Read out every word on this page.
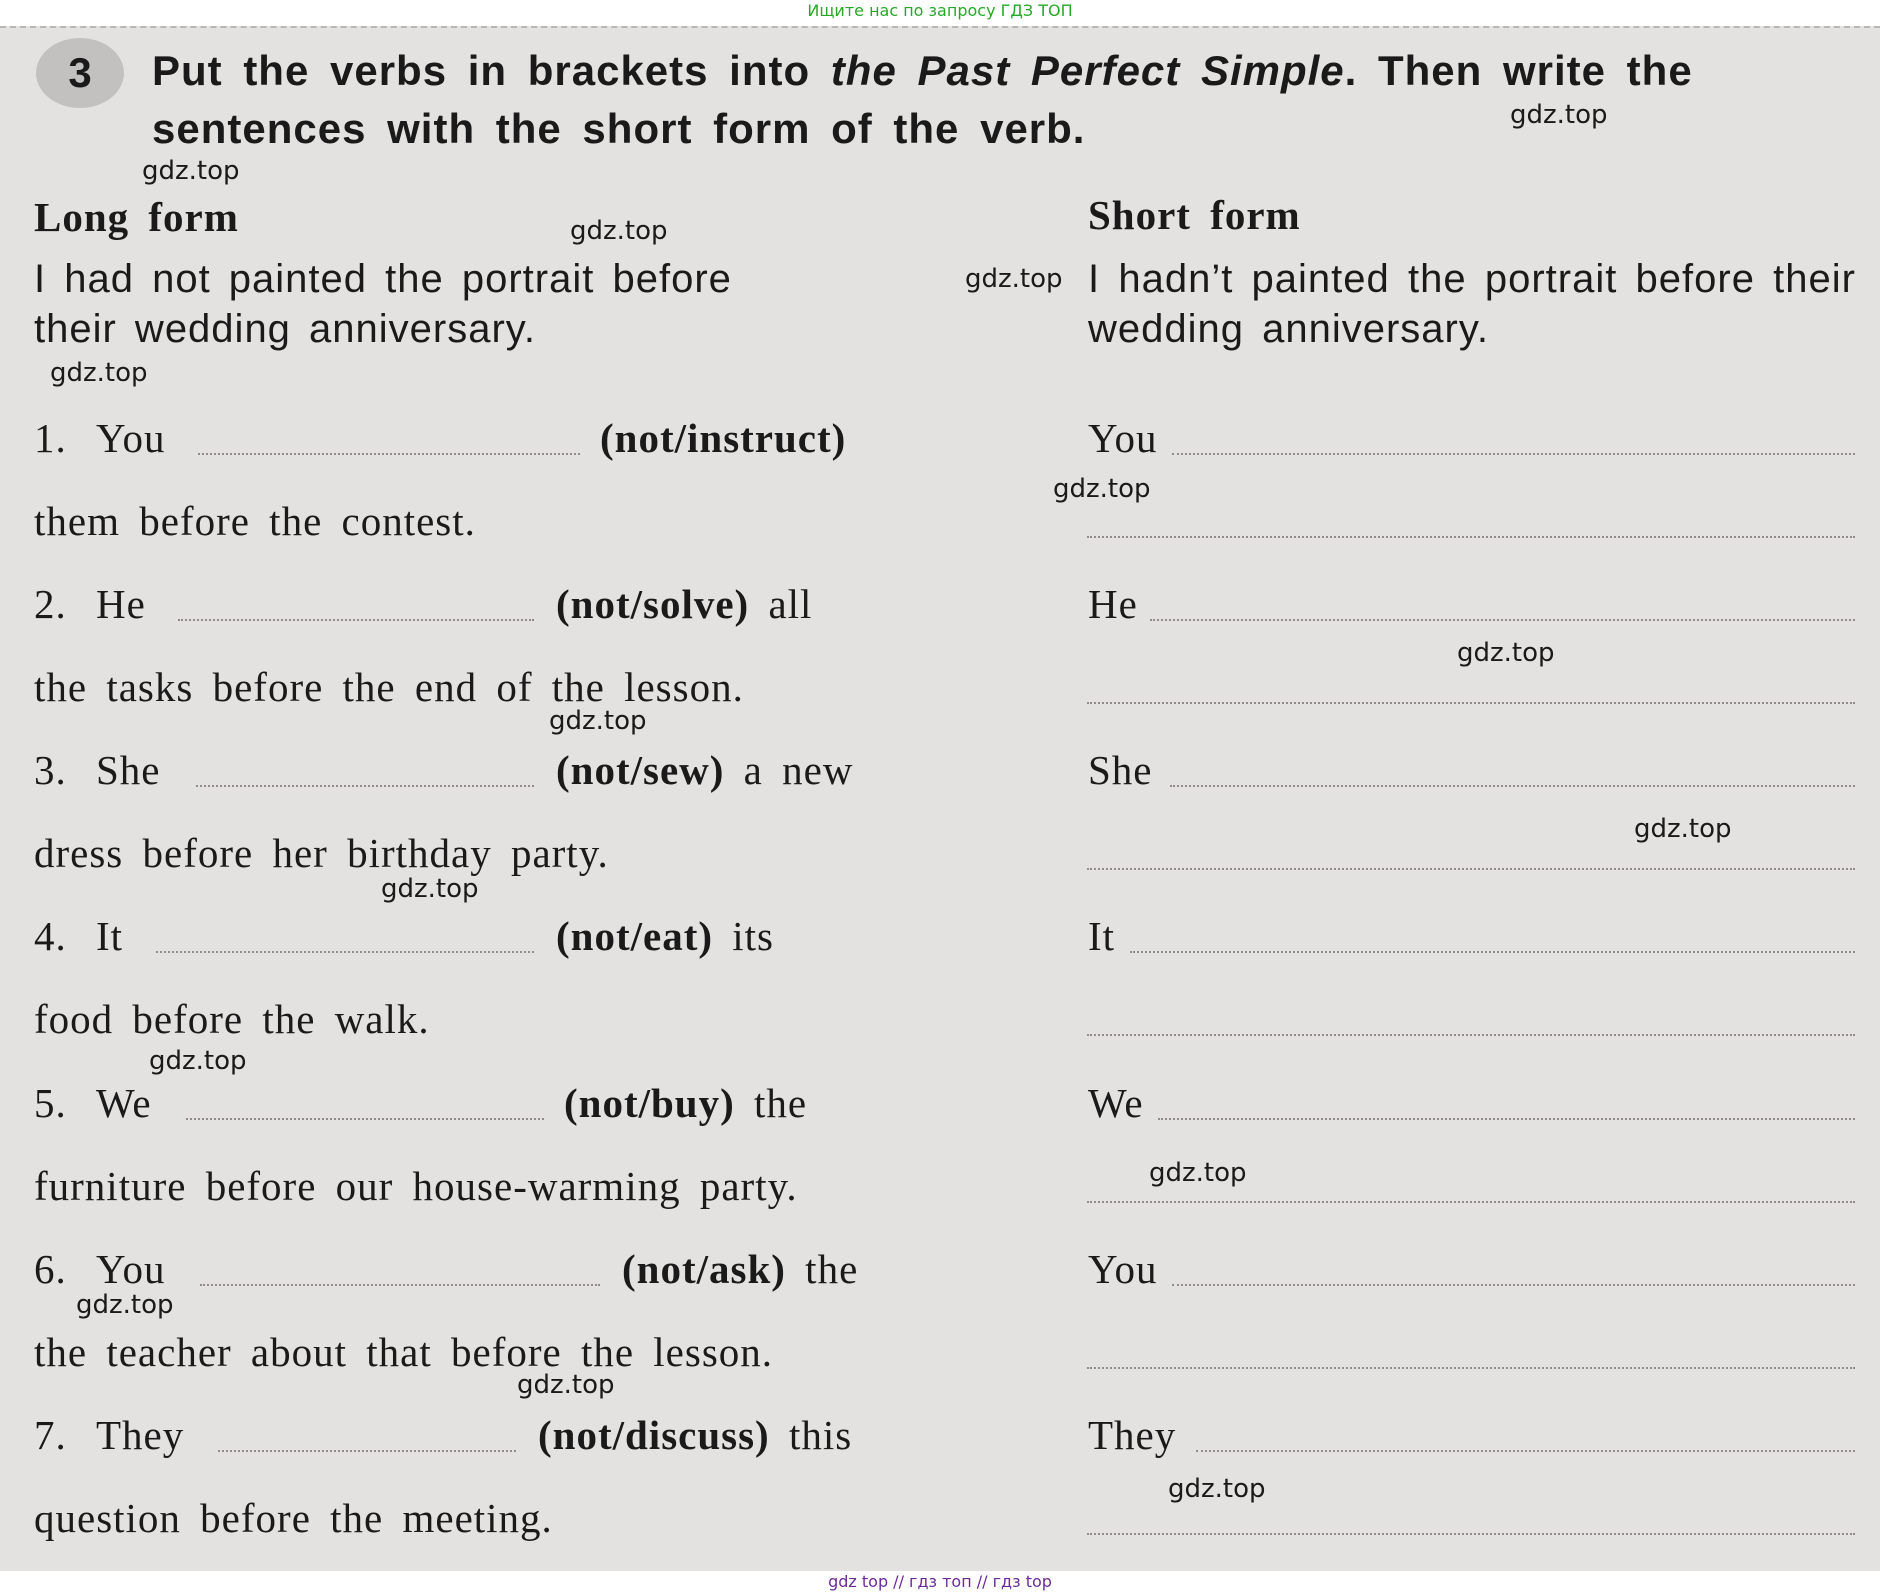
Ищите нас по запросу ГДЗ ТОП
3	Put the verbs in brackets into the Past Perfect Simple. Then write the sentences with the short form of the verb.

Long form	Short form
I had not painted the portrait before their wedding anniversary.
I hadn’t painted the portrait before their wedding anniversary.
1. You	(not/instruct)
them before the contest.
You
2. He	(not/solve) all
the tasks before the end of the lesson.
He
3. She	(not/sew) a new
dress before her birthday party.
She
4. It	(not/eat) its
food before the walk.
It
5. We	(not/buy) the
furniture before our house-warming party.
We
6. You	(not/ask) the
the teacher about that before the lesson.
You
7. They	(not/discuss) this
question before the meeting.
They
gdz.top
gdz.top
gdz.top
gdz.top
gdz.top
gdz.top
gdz.top
gdz.top
gdz.top
gdz.top
gdz.top
gdz.top
gdz.top
gdz.top
gdz.top
gdz top // гдз топ // гдз top
